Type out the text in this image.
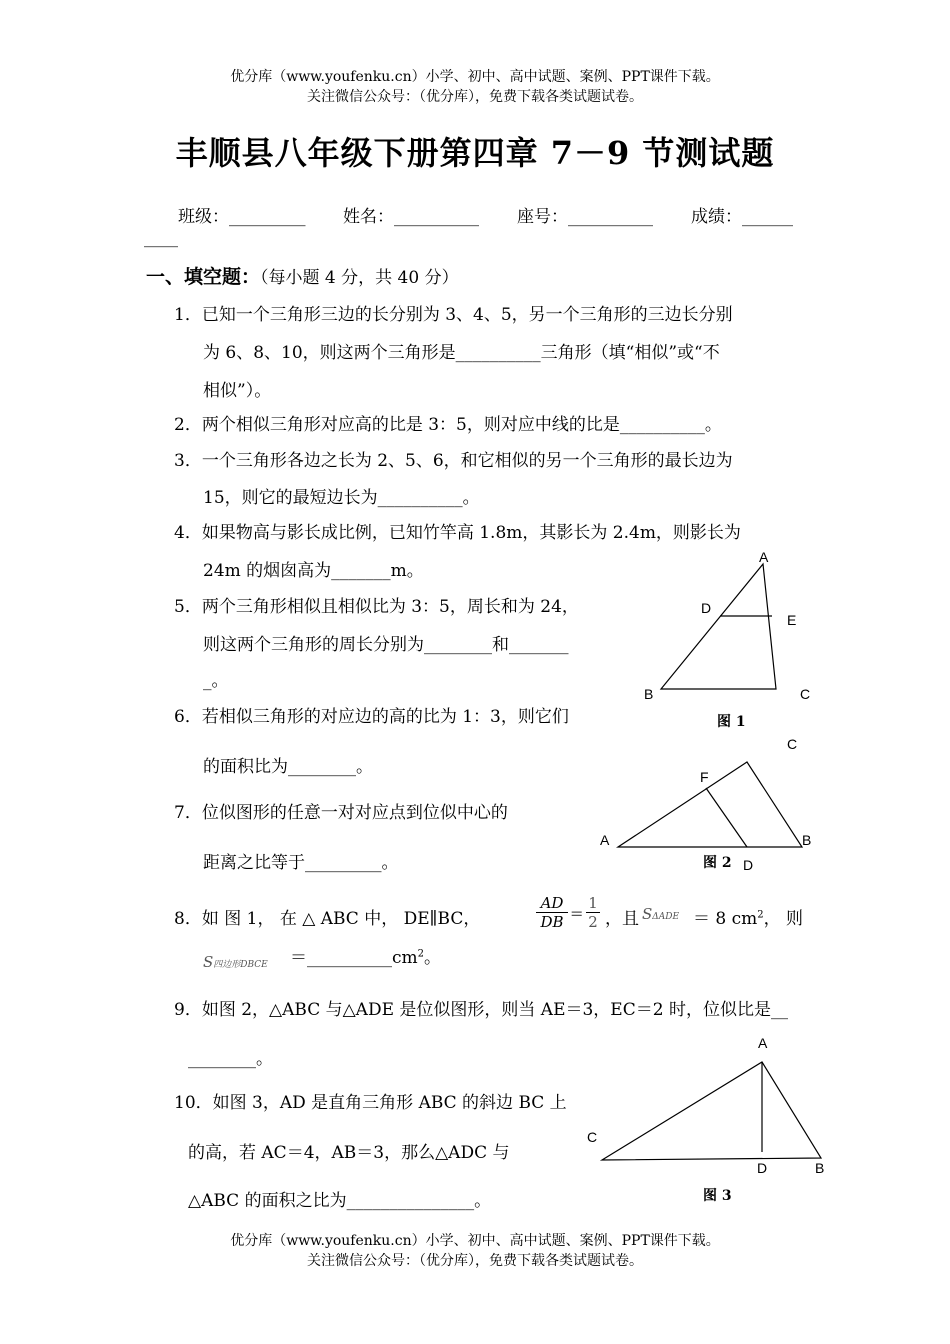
优分库（www.youfenku.cn）小学、初中、高中试题、案例、PPT课件下载。
关注微信公众号：（优分库），免费下载各类试题试卷。
丰顺县八年级下册第四章 7－9 节测试题
班级：_________ 姓名：__________ 座号：__________ 成绩：______
____
一、填空题：（每小题 4 分，共 40 分）
1．已知一个三角形三边的长分别为 3、4、5，另一个三角形的三边长分别
为 6、8、10，则这两个三角形是__________三角形（填“相似”或“不
相似”）。
2．两个相似三角形对应高的比是 3：5，则对应中线的比是__________。
3．一个三角形各边之长为 2、5、6，和它相似的另一个三角形的最长边为
15，则它的最短边长为__________。
4．如果物高与影长成比例，已知竹竿高 1.8m，其影长为 2.4m，则影长为
24m 的烟囱高为_______m。
5．两个三角形相似且相似比为 3：5，周长和为 24，
则这两个三角形的周长分别为________和_______
_。
6．若相似三角形的对应边的高的比为 1：3，则它们
的面积比为________。
7．位似图形的任意一对对应点到位似中心的
距离之比等于_________。
8．如 图 1， 在 △ ABC 中， DE∥BC，	$\frac{AD}{DB} = \frac{1}{2}$ ，且 SΔADE ＝ 8 $cm^2$， 则
S四边形DBCE $=\_\_\_\_\_\_\_\_\_\_cm^2$。
9．如图 2，△ABC 与△ADE 是位似图形，则当 AE＝3，EC＝2 时，位似比是__
________。
10．如图 3，AD 是直角三角形 ABC 的斜边 BC 上
的高，若 AC＝4，AB＝3，那么△ADC 与
△ABC 的面积之比为_______________。
A
D
E
B	C
图 1
C
F
A	B
D
图 2
A
C
D	B
图 3
优分库（www.youfenku.cn）小学、初中、高中试题、案例、PPT课件下载。
关注微信公众号：（优分库），免费下载各类试题试卷。
